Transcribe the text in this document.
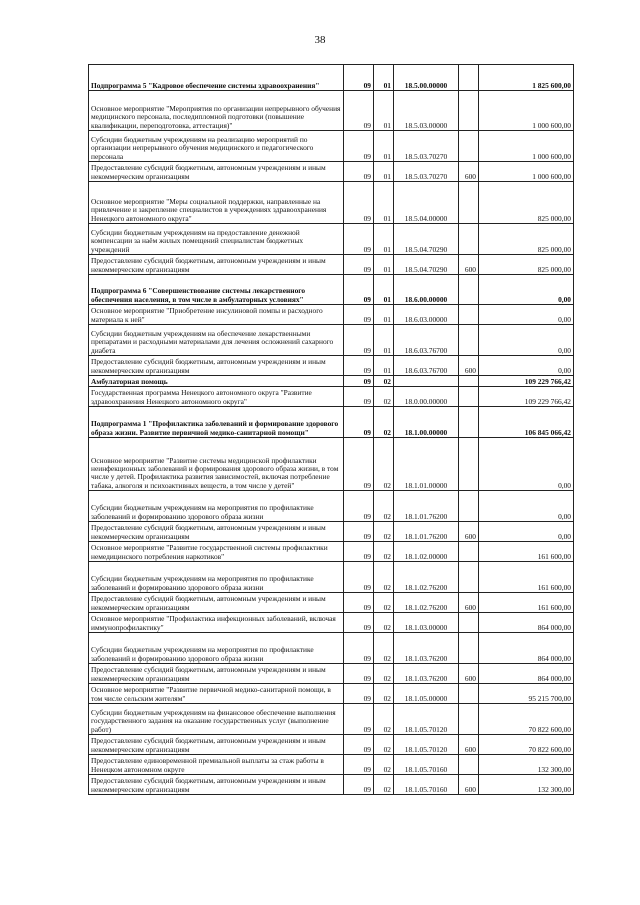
38
Подпрограмма 5 "Кадровое обеспечение системы здравоохранения"	09	01	18.5.00.00000		1 825 600,00
Основное мероприятие "Мероприятия по организации непрерывного обучения медицинского персонала, последипломной подготовки (повышение квалификации, переподготовка, аттестация)"	09	01	18.5.03.00000		1 000 600,00
Субсидии бюджетным учреждениям на реализацию мероприятий по организации непрерывного обучения медицинского и педагогического персонала	09	01	18.5.03.70270		1 000 600,00
Предоставление субсидий бюджетным, автономным учреждениям и иным некоммерческим организациям	09	01	18.5.03.70270	600	1 000 600,00
Основное мероприятие "Меры социальной поддержки, направленные на привлечение и закрепление специалистов в учреждениях здравоохранения Ненецкого автономного округа"	09	01	18.5.04.00000		825 000,00
Субсидии бюджетным учреждениям на предоставление денежной компенсации за наём жилых помещений специалистам бюджетных учреждений	09	01	18.5.04.70290		825 000,00
Предоставление субсидий бюджетным, автономным учреждениям и иным некоммерческим организациям	09	01	18.5.04.70290	600	825 000,00
Подпрограмма 6 "Совершенствование системы лекарственного обеспечения населения, в том числе в амбулаторных условиях"	09	01	18.6.00.00000		0,00
Основное мероприятие "Приобретение инсулиновой помпы и расходного материала к ней"	09	01	18.6.03.00000		0,00
Субсидии бюджетным учреждениям на обеспечение лекарственными препаратами и расходными материалами для лечения осложнений сахарного диабета	09	01	18.6.03.76700		0,00
Предоставление субсидий бюджетным, автономным учреждениям и иным некоммерческим организациям	09	01	18.6.03.76700	600	0,00
Амбулаторная помощь	09	02			109 229 766,42
Государственная программа Ненецкого автономного округа "Развитие здравоохранения Ненецкого автономного округа"	09	02	18.0.00.00000		109 229 766,42
Подпрограмма 1 "Профилактика заболеваний и формирование здорового образа жизни. Развитие первичной медико-санитарной помощи"	09	02	18.1.00.00000		106 845 066,42
Основное мероприятие "Развитие системы медицинской профилактики неинфекционных заболеваний и формирования здорового образа жизни, в том числе у детей. Профилактика развития зависимостей, включая потребление табака, алкоголя и психоактивных веществ, в том числе у детей"	09	02	18.1.01.00000		0,00
Субсидии бюджетным учреждениям на мероприятия по профилактике заболеваний и формированию здорового образа жизни	09	02	18.1.01.76200		0,00
Предоставление субсидий бюджетным, автономным учреждениям и иным некоммерческим организациям	09	02	18.1.01.76200	600	0,00
Основное мероприятие "Развитие государственной системы профилактики немедицинского потребления наркотиков"	09	02	18.1.02.00000		161 600,00
Субсидии бюджетным учреждениям на мероприятия по профилактике заболеваний и формированию здорового образа жизни	09	02	18.1.02.76200		161 600,00
Предоставление субсидий бюджетным, автономным учреждениям и иным некоммерческим организациям	09	02	18.1.02.76200	600	161 600,00
Основное мероприятие "Профилактика инфекционных заболеваний, включая иммунопрофилактику"	09	02	18.1.03.00000		864 000,00
Субсидии бюджетным учреждениям на мероприятия по профилактике заболеваний и формированию здорового образа жизни	09	02	18.1.03.76200		864 000,00
Предоставление субсидий бюджетным, автономным учреждениям и иным некоммерческим организациям	09	02	18.1.03.76200	600	864 000,00
Основное мероприятие "Развитие первичной медико-санитарной помощи, в том числе сельским жителям"	09	02	18.1.05.00000		95 215 700,00
Субсидии бюджетным учреждениям на финансовое обеспечение выполнения государственного задания на оказание государственных услуг (выполнение работ)	09	02	18.1.05.70120		70 822 600,00
Предоставление субсидий бюджетным, автономным учреждениям и иным некоммерческим организациям	09	02	18.1.05.70120	600	70 822 600,00
Предоставление единовременной премиальной выплаты за стаж работы в Ненецком автономном округе	09	02	18.1.05.70160		132 300,00
Предоставление субсидий бюджетным, автономным учреждениям и иным некоммерческим организациям	09	02	18.1.05.70160	600	132 300,00
